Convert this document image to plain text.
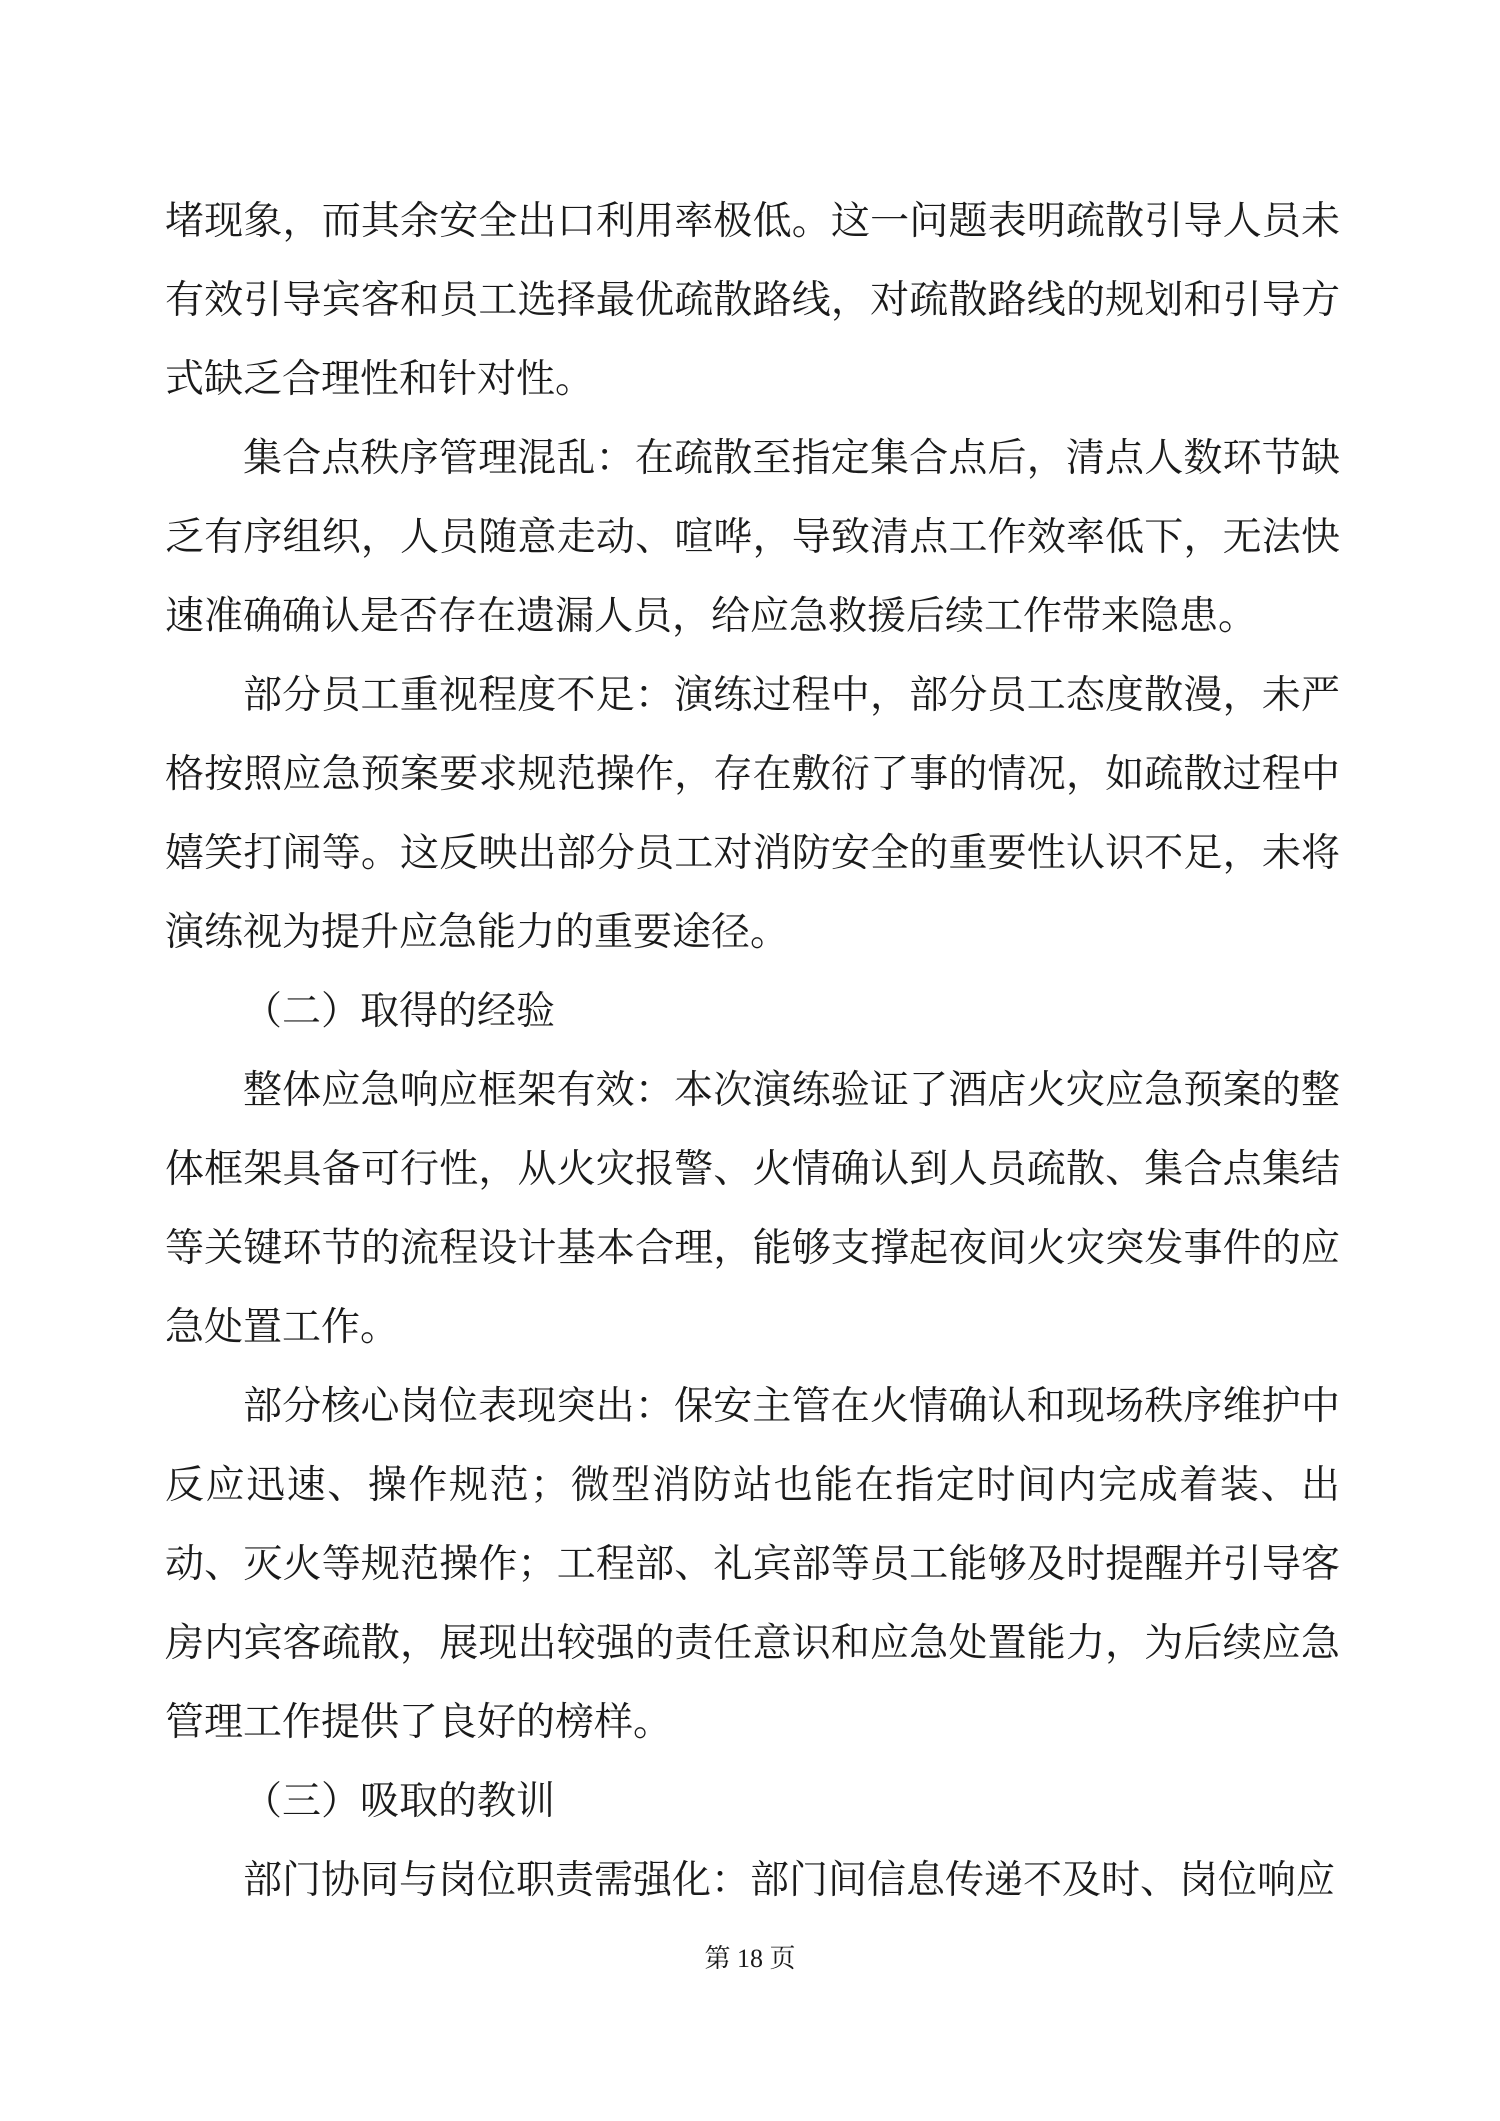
堵现象，而其余安全出口利用率极低。这一问题表明疏散引导人员未有效引导宾客和员工选择最优疏散路线，对疏散路线的规划和引导方式缺乏合理性和针对性。
集合点秩序管理混乱：在疏散至指定集合点后，清点人数环节缺乏有序组织，人员随意走动、喧哗，导致清点工作效率低下，无法快速准确确认是否存在遗漏人员，给应急救援后续工作带来隐患。
部分员工重视程度不足：演练过程中，部分员工态度散漫，未严格按照应急预案要求规范操作，存在敷衍了事的情况，如疏散过程中嬉笑打闹等。这反映出部分员工对消防安全的重要性认识不足，未将演练视为提升应急能力的重要途径。
（二）取得的经验
整体应急响应框架有效：本次演练验证了酒店火灾应急预案的整体框架具备可行性，从火灾报警、火情确认到人员疏散、集合点集结等关键环节的流程设计基本合理，能够支撑起夜间火灾突发事件的应急处置工作。
部分核心岗位表现突出：保安主管在火情确认和现场秩序维护中反应迅速、操作规范；微型消防站也能在指定时间内完成着装、出动、灭火等规范操作；工程部、礼宾部等员工能够及时提醒并引导客房内宾客疏散，展现出较强的责任意识和应急处置能力，为后续应急管理工作提供了良好的榜样。
（三）吸取的教训
部门协同与岗位职责需强化：部门间信息传递不及时、岗位响应
第 18 页
